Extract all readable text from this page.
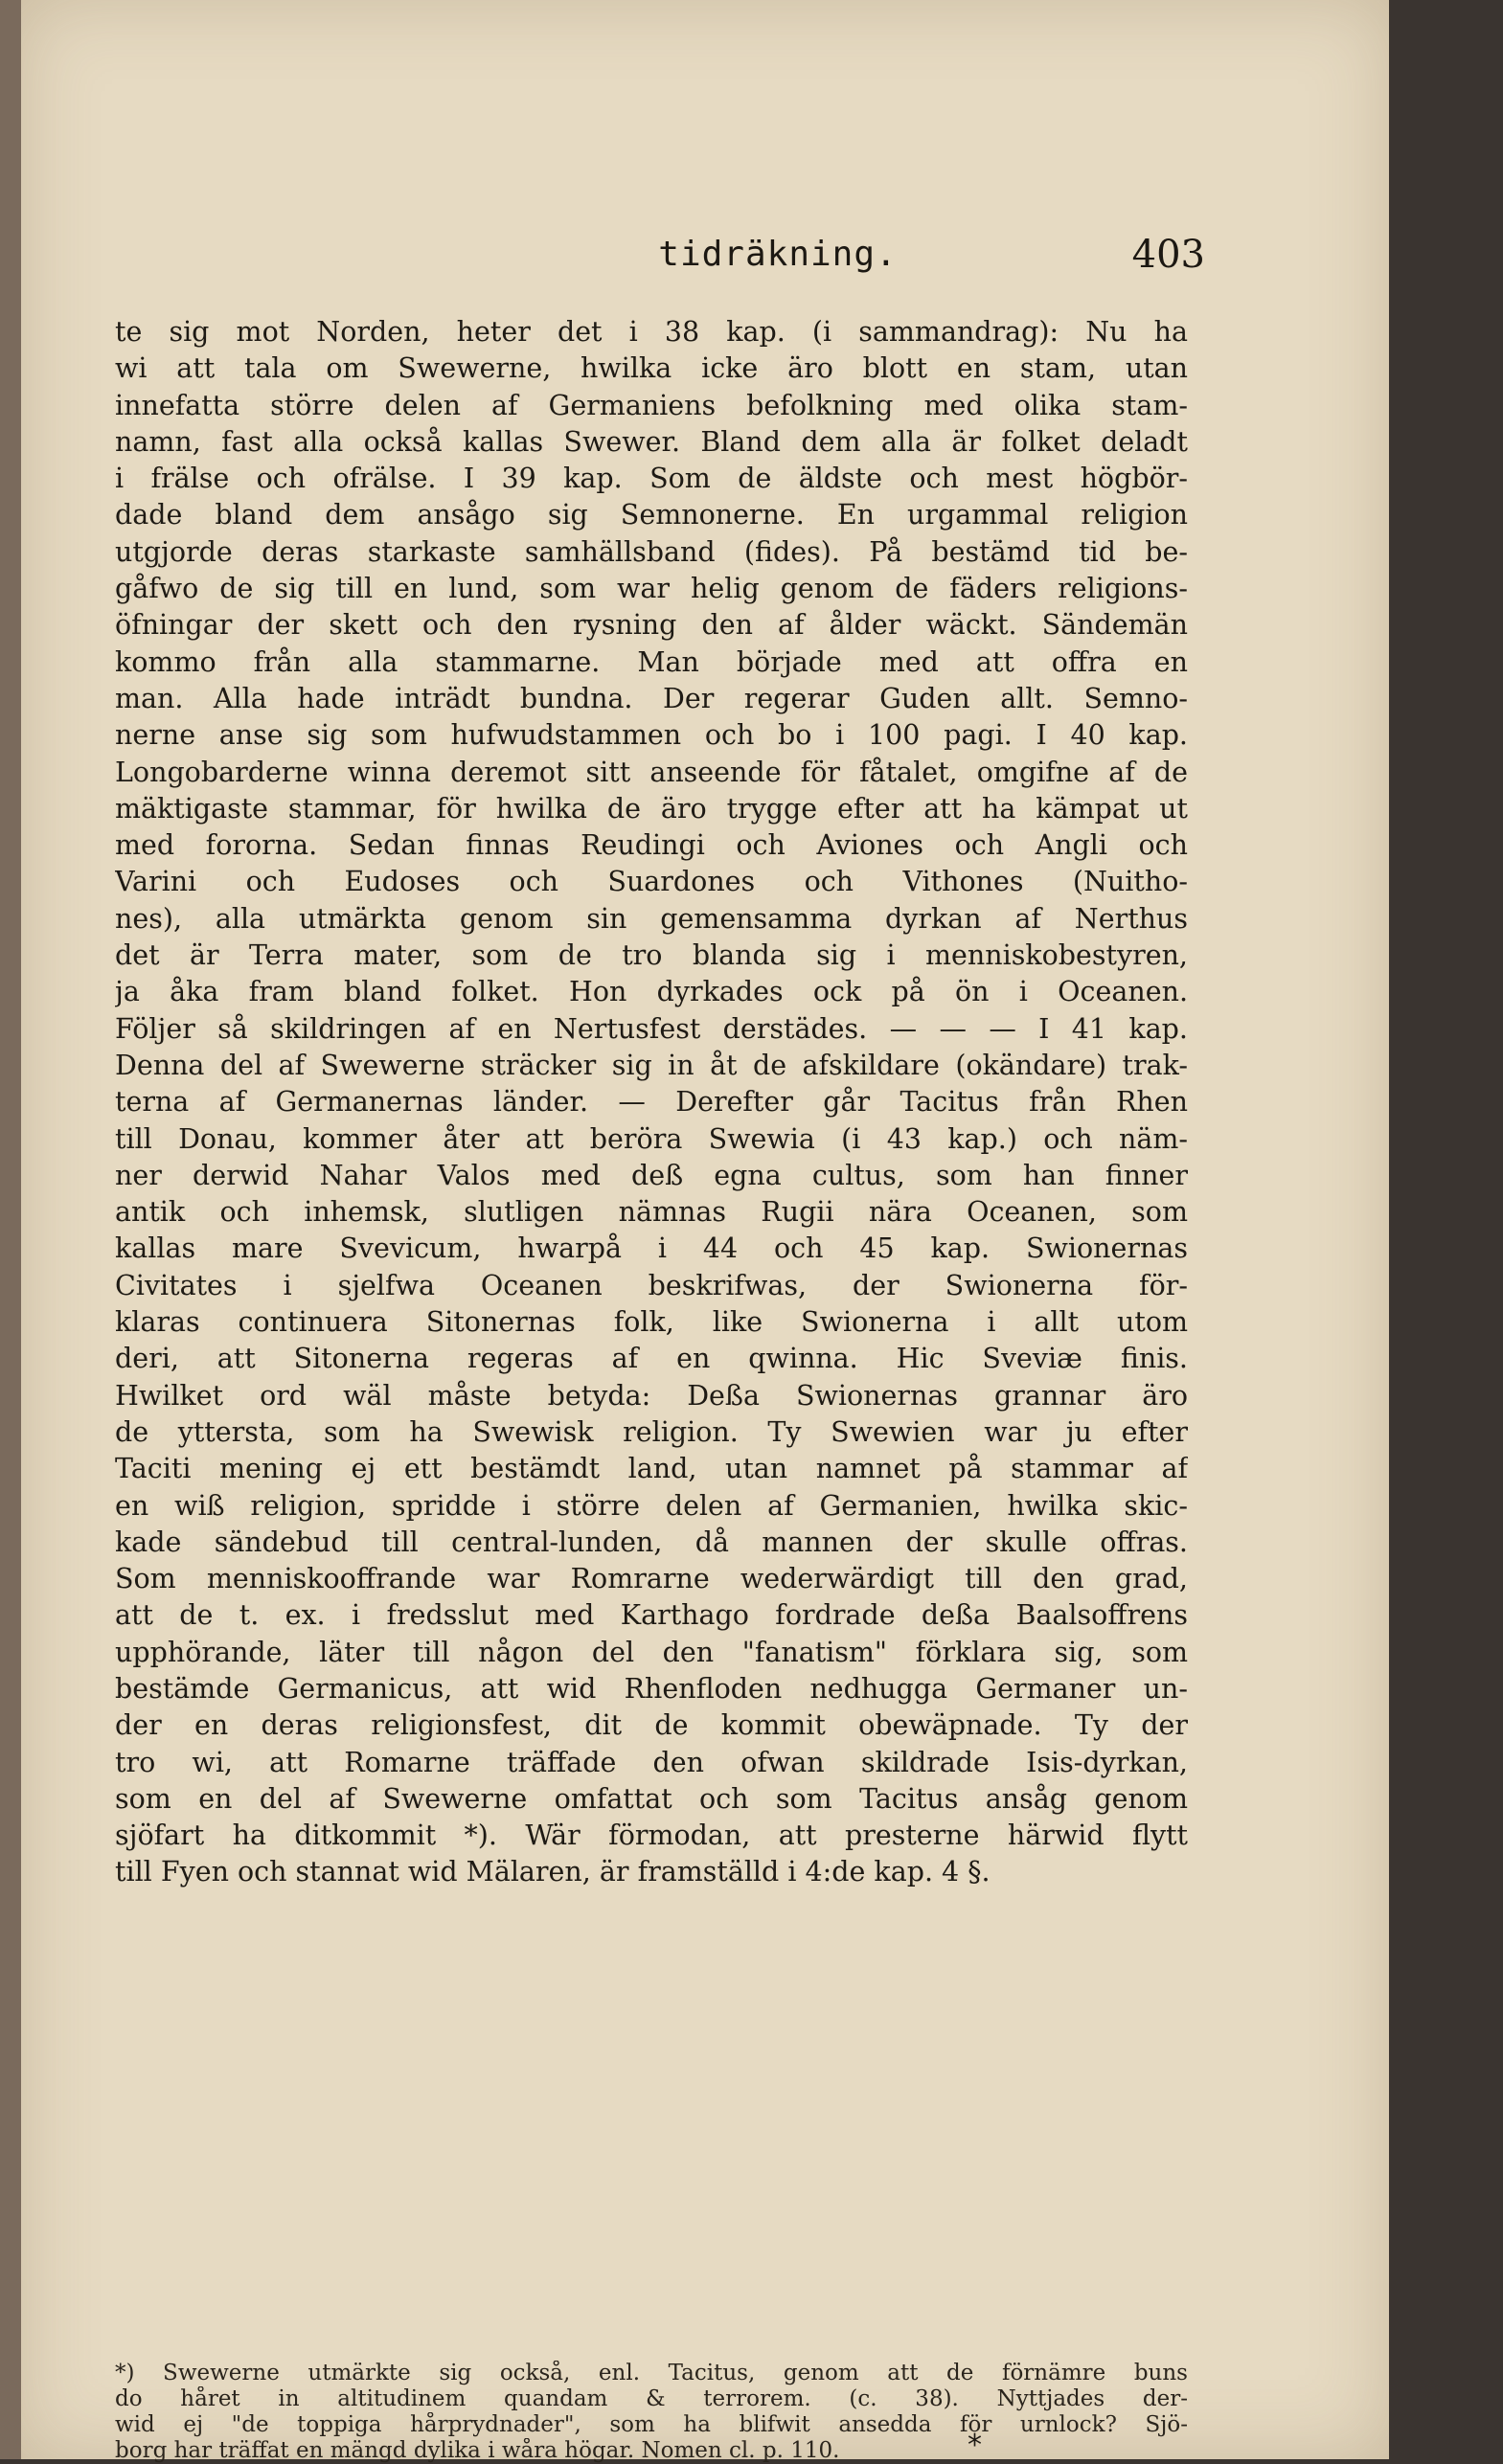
tidräkning.	403
te sig mot Norden, heter det i 38 kap. (i sammandrag): Nu ha
wi att tala om Swewerne, hwilka icke äro blott en stam, utan
innefatta större delen af Germaniens befolkning med olika stam-
namn, fast alla också kallas Swewer. Bland dem alla är folket deladt
i frälse och ofrälse. I 39 kap. Som de äldste och mest högbör-
dade bland dem ansågo sig Semnonerne. En urgammal religion
utgjorde deras starkaste samhällsband (fides). På bestämd tid be-
gåfwo de sig till en lund, som war helig genom de fäders religions-
öfningar der skett och den rysning den af ålder wäckt. Sändemän
kommo från alla stammarne. Man började med att offra en
man. Alla hade inträdt bundna. Der regerar Guden allt. Semno-
nerne anse sig som hufwudstammen och bo i 100 pagi. I 40 kap.
Longobarderne winna deremot sitt anseende för fåtalet, omgifne af de
mäktigaste stammar, för hwilka de äro trygge efter att ha kämpat ut
med fororna. Sedan finnas Reudingi och Aviones och Angli och
Varini och Eudoses och Suardones och Vithones (Nuitho-
nes), alla utmärkta genom sin gemensamma dyrkan af Nerthus
det är Terra mater, som de tro blanda sig i menniskobestyren,
ja åka fram bland folket. Hon dyrkades ock på ön i Oceanen.
Följer så skildringen af en Nertusfest derstädes. — — — I 41 kap.
Denna del af Swewerne sträcker sig in åt de afskildare (okändare) trak-
terna af Germanernas länder. — Derefter går Tacitus från Rhen
till Donau, kommer åter att beröra Swewia (i 43 kap.) och näm-
ner derwid Nahar Valos med deß egna cultus, som han finner
antik och inhemsk, slutligen nämnas Rugii nära Oceanen, som
kallas mare Svevicum, hwarpå i 44 och 45 kap. Swionernas
Civitates i sjelfwa Oceanen beskrifwas, der Swionerna för-
klaras continuera Sitonernas folk, like Swionerna i allt utom
deri, att Sitonerna regeras af en qwinna. Hic Sveviæ finis.
Hwilket ord wäl måste betyda: Deßa Swionernas grannar äro
de yttersta, som ha Swewisk religion. Ty Swewien war ju efter
Taciti mening ej ett bestämdt land, utan namnet på stammar af
en wiß religion, spridde i större delen af Germanien, hwilka skic-
kade sändebud till central-lunden, då mannen der skulle offras.
Som menniskooffrande war Romrarne wederwärdigt till den grad,
att de t. ex. i fredsslut med Karthago fordrade deßa Baalsoffrens
upphörande, läter till någon del den "fanatism" förklara sig, som
bestämde Germanicus, att wid Rhenfloden nedhugga Germaner un-
der en deras religionsfest, dit de kommit obewäpnade. Ty der
tro wi, att Romarne träffade den ofwan skildrade Isis-dyrkan,
som en del af Swewerne omfattat och som Tacitus ansåg genom
sjöfart ha ditkommit *). Wär förmodan, att presterne härwid flytt
till Fyen och stannat wid Mälaren, är framställd i 4:de kap. 4 §.
*) Swewerne utmärkte sig också, enl. Tacitus, genom att de förnämre buns
do håret in altitudinem quandam & terrorem. (c. 38). Nyttjades der-
wid ej "de toppiga hårprydnader", som ha blifwit ansedda för urnlock? Sjö-
borg har träffat en mängd dylika i wåra högar. Nomen cl. p. 110.	*
